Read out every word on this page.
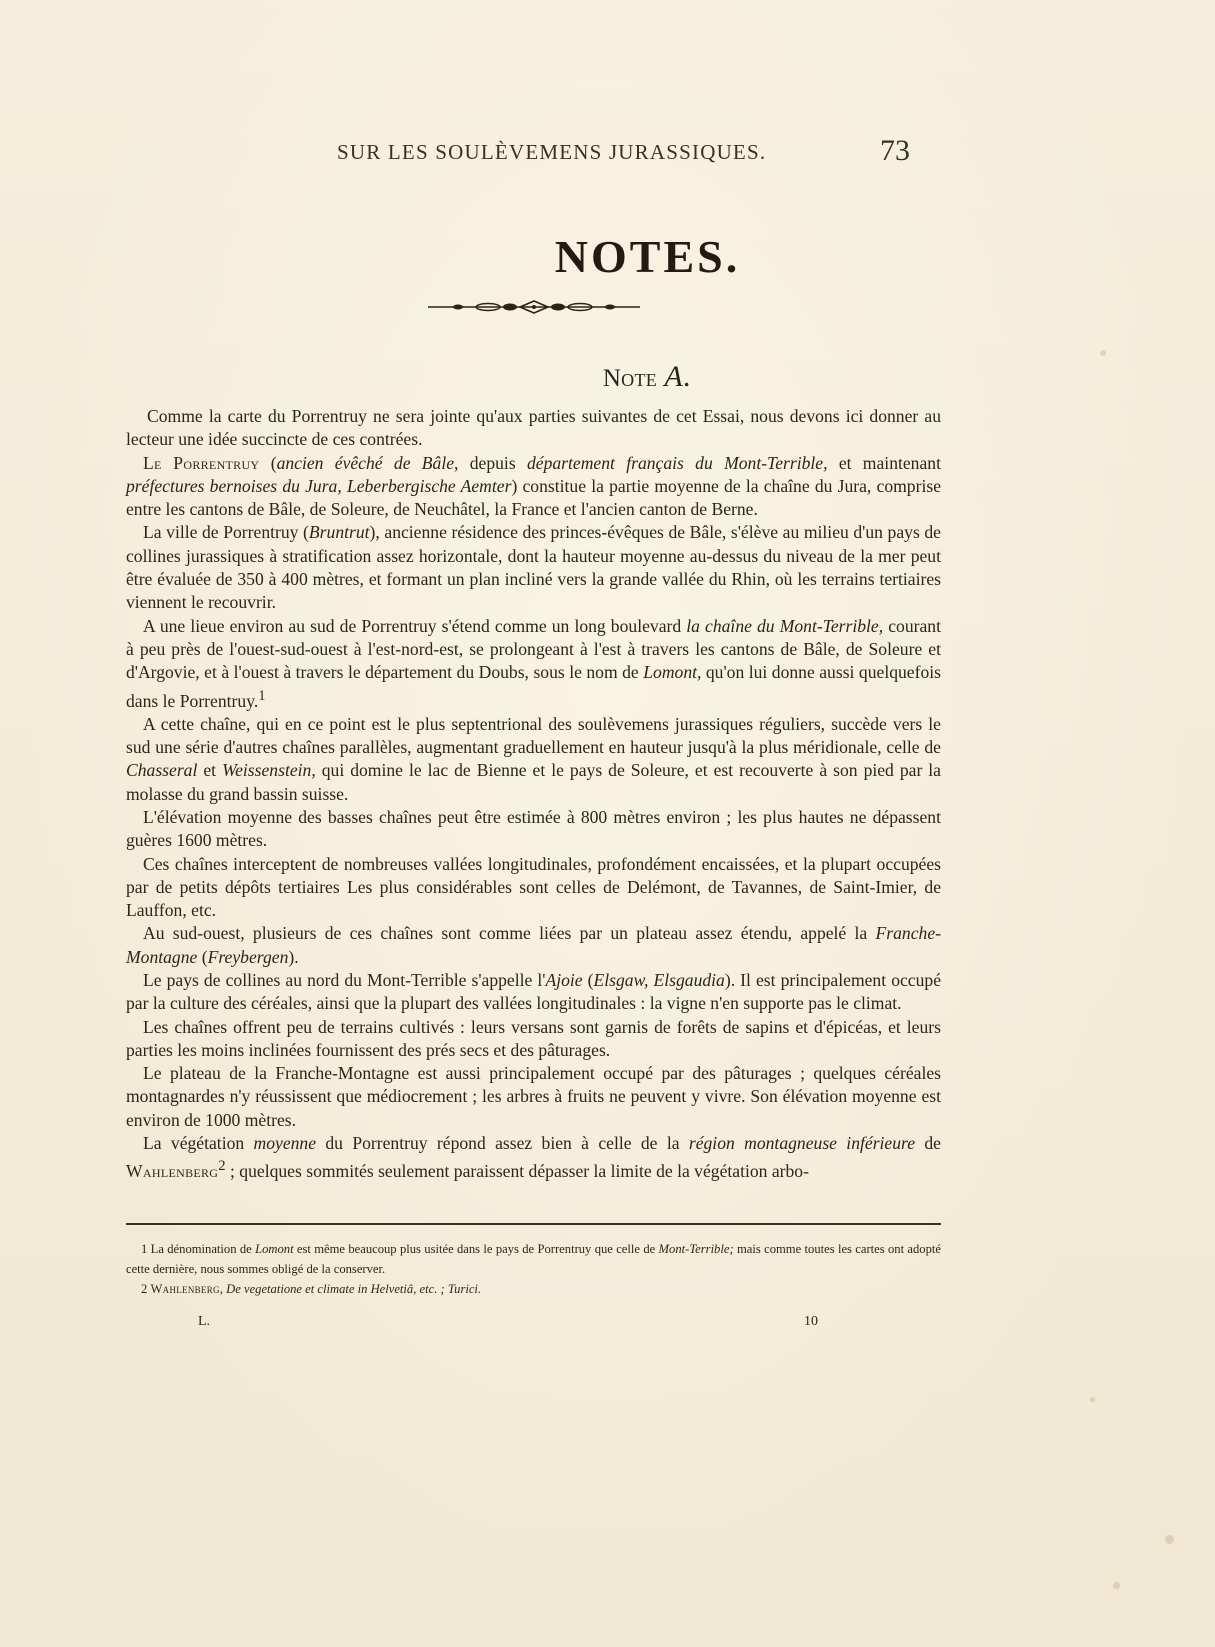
SUR LES SOULÈVEMENS JURASSIQUES.	73
NOTES.
Note A.

Comme la carte du Porrentruy ne sera jointe qu'aux parties suivantes de cet Essai, nous devons ici donner au lecteur une idée succincte de ces contrées.

Le Porrentruy (ancien évêché de Bâle, depuis département français du Mont-Terrible, et maintenant préfectures bernoises du Jura, Leberbergische Aemter) constitue la partie moyenne de la chaîne du Jura, comprise entre les cantons de Bâle, de Soleure, de Neuchâtel, la France et l'ancien canton de Berne.

La ville de Porrentruy (Bruntrut), ancienne résidence des princes-évêques de Bâle, s'élève au milieu d'un pays de collines jurassiques à stratification assez horizontale, dont la hauteur moyenne au-dessus du niveau de la mer peut être évaluée de 350 à 400 mètres, et formant un plan incliné vers la grande vallée du Rhin, où les terrains tertiaires viennent le recouvrir.

A une lieue environ au sud de Porrentruy s'étend comme un long boulevard la chaîne du Mont-Terrible, courant à peu près de l'ouest-sud-ouest à l'est-nord-est, se prolongeant à l'est à travers les cantons de Bâle, de Soleure et d'Argovie, et à l'ouest à travers le département du Doubs, sous le nom de Lomont, qu'on lui donne aussi quelquefois dans le Porrentruy.$^1$

A cette chaîne, qui en ce point est le plus septentrional des soulèvemens jurassiques réguliers, succède vers le sud une série d'autres chaînes parallèles, augmentant graduellement en hauteur jusqu'à la plus méridionale, celle de Chasseral et Weissenstein, qui domine le lac de Bienne et le pays de Soleure, et est recouverte à son pied par la molasse du grand bassin suisse.

L'élévation moyenne des basses chaînes peut être estimée à 800 mètres environ ; les plus hautes ne dépassent guères 1600 mètres.

Ces chaînes interceptent de nombreuses vallées longitudinales, profondément encaissées, et la plupart occupées par de petits dépôts tertiaires Les plus considérables sont celles de Delémont, de Tavannes, de Saint-Imier, de Lauffon, etc.

Au sud-ouest, plusieurs de ces chaînes sont comme liées par un plateau assez étendu, appelé la Franche-Montagne (Freybergen).

Le pays de collines au nord du Mont-Terrible s'appelle l'Ajoie (Elsgaw, Elsgaudia). Il est principalement occupé par la culture des céréales, ainsi que la plupart des vallées longitudinales : la vigne n'en supporte pas le climat.

Les chaînes offrent peu de terrains cultivés : leurs versans sont garnis de forêts de sapins et d'épicéas, et leurs parties les moins inclinées fournissent des prés secs et des pâturages.

Le plateau de la Franche-Montagne est aussi principalement occupé par des pâturages ; quelques céréales montagnardes n'y réussissent que médiocrement ; les arbres à fruits ne peuvent y vivre. Son élévation moyenne est environ de 1000 mètres.

La végétation moyenne du Porrentruy répond assez bien à celle de la région montagneuse inférieure de Wahlenberg$^2$ ; quelques sommités seulement paraissent dépasser la limite de la végétation arbo-

1 La dénomination de Lomont est même beaucoup plus usitée dans le pays de Porrentruy que celle de Mont-Terrible; mais comme toutes les cartes ont adopté cette dernière, nous sommes obligé de la conserver.

2 Wahlenberg, De vegetatione et climate in Helvetiâ, etc. ; Turici.

L.	10
